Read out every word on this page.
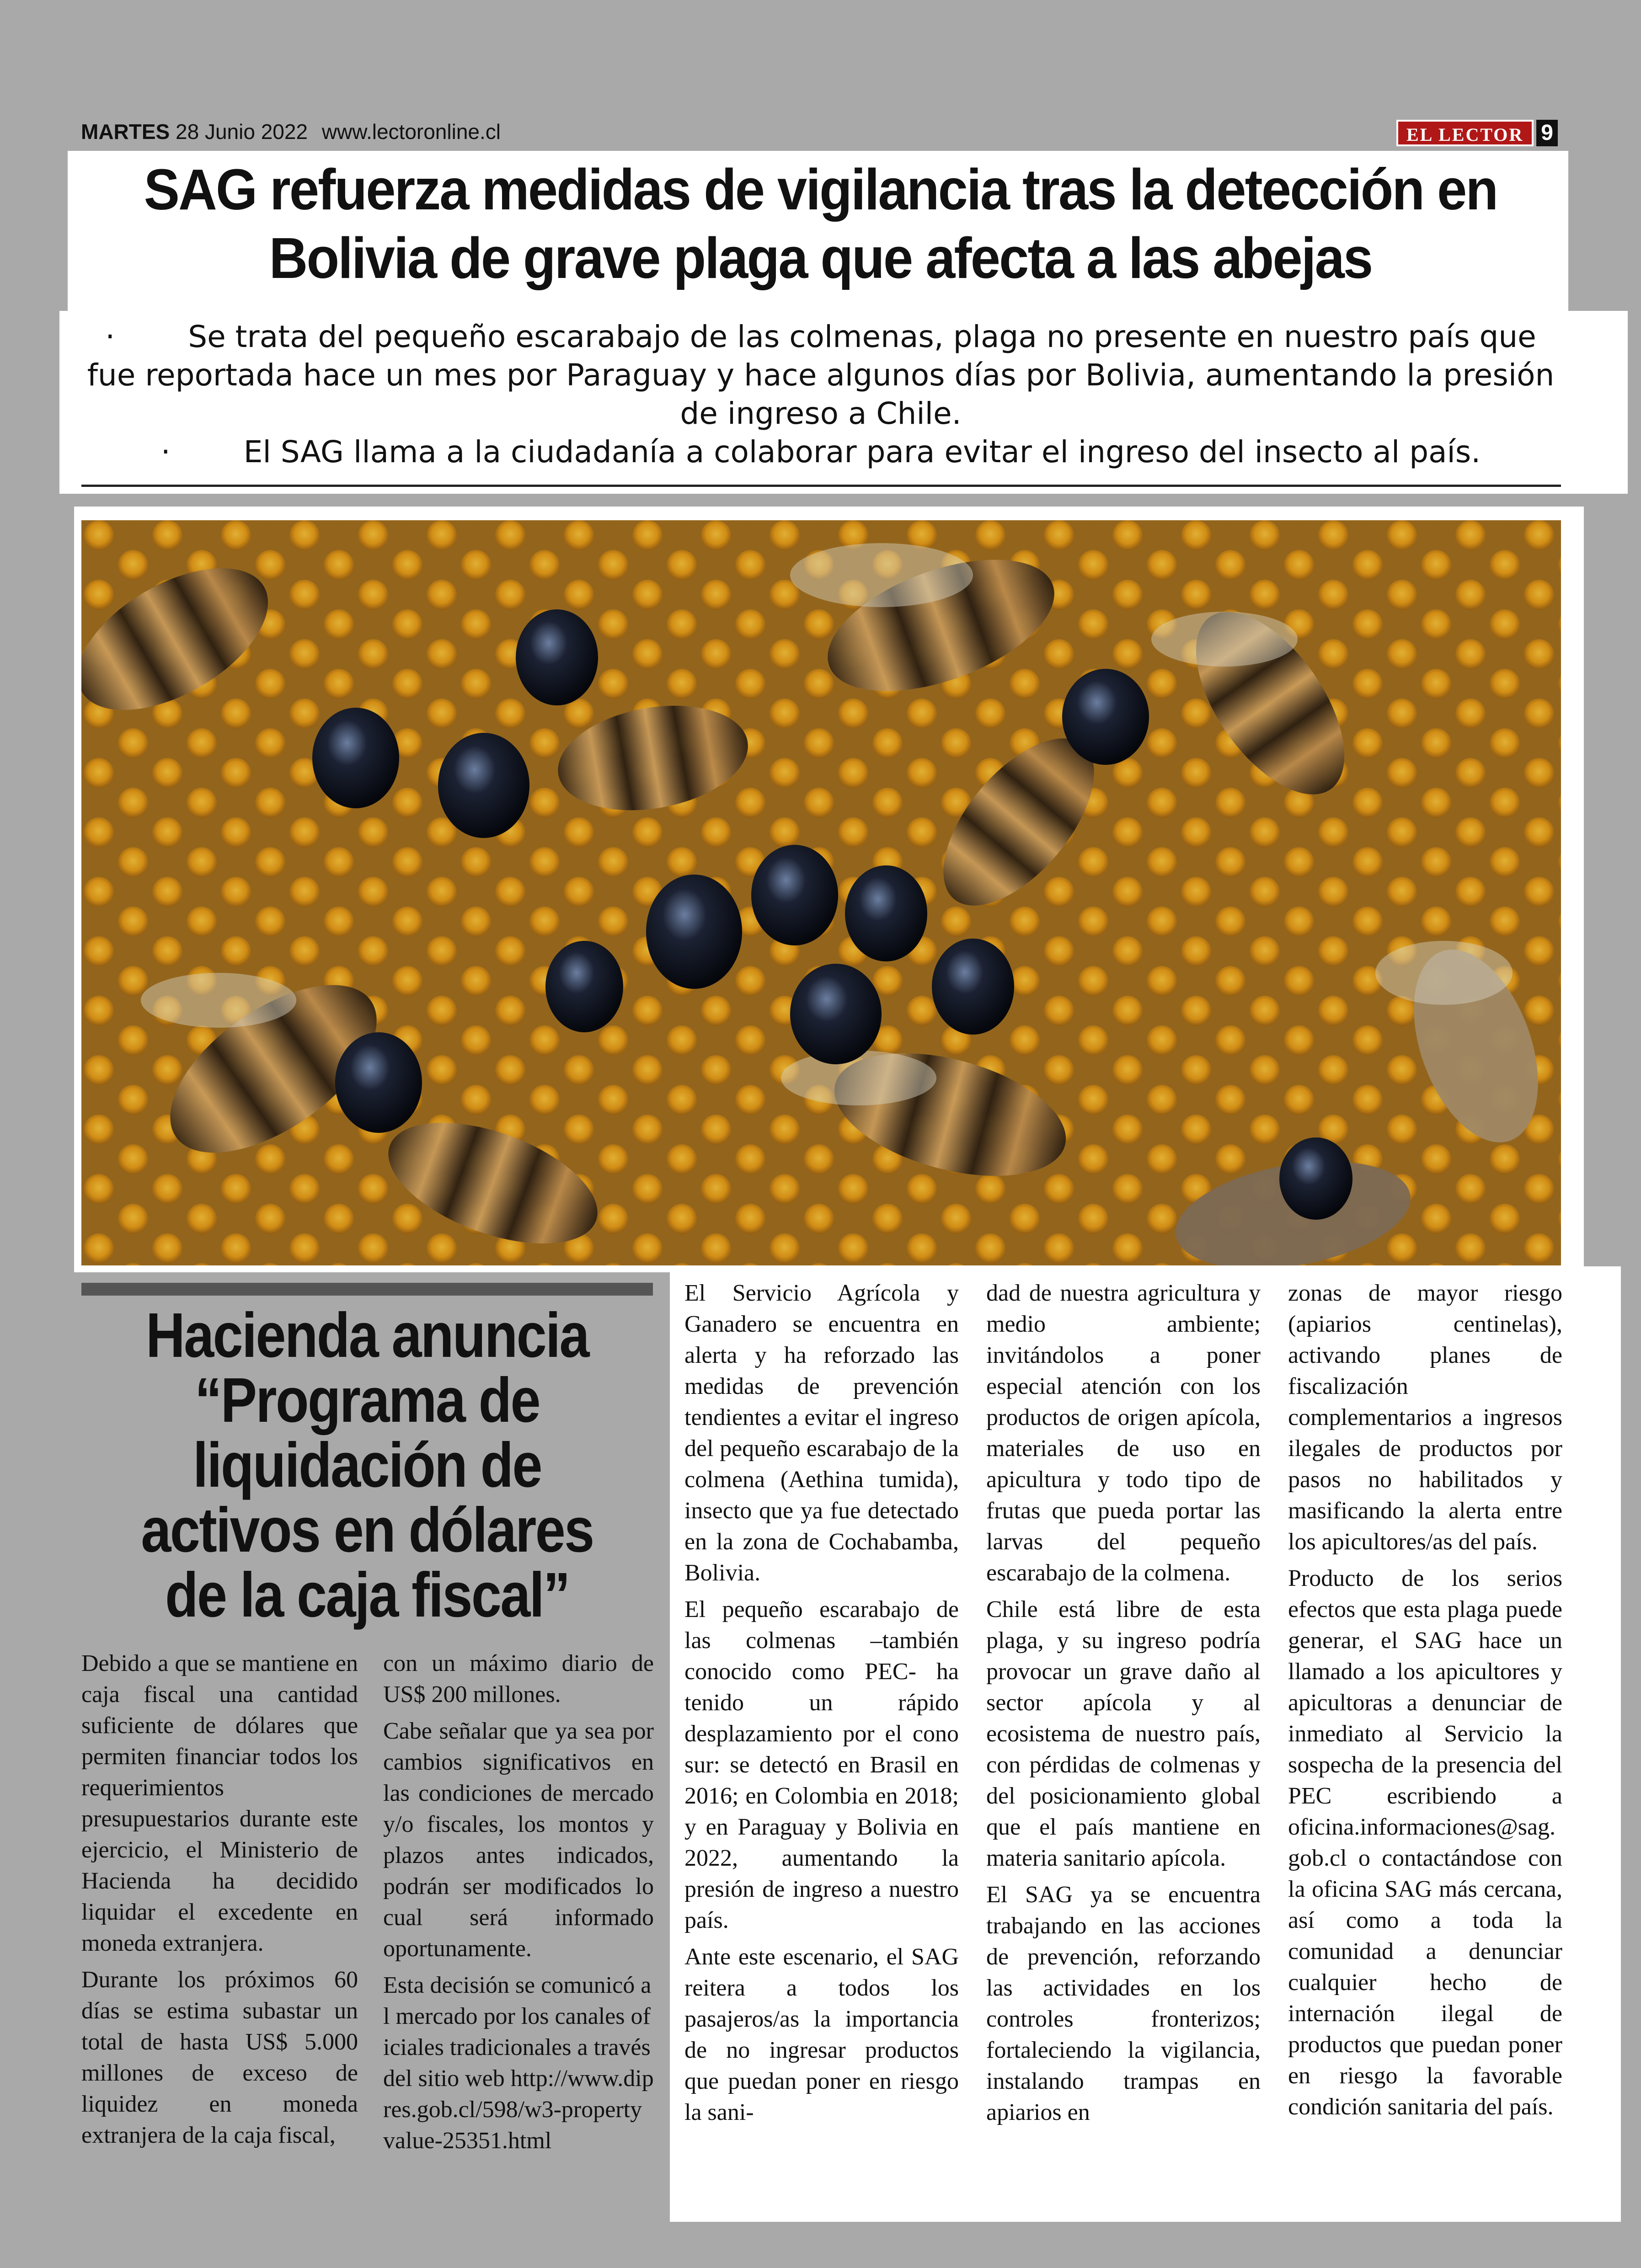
MARTES 28 Junio 2022 www.lectoronline.cl	EL LECTOR 9
SAG refuerza medidas de vigilancia tras la detección en Bolivia de grave plaga que afecta a las abejas

· Se trata del pequeño escarabajo de las colmenas, plaga no presente en nuestro país que fue reportada hace un mes por Paraguay y hace algunos días por Bolivia, aumentando la presión de ingreso a Chile.

· El SAG llama a la ciudadanía a colaborar para evitar el ingreso del insecto al país.

Hacienda anuncia “Programa de liquidación de activos en dólares de la caja fiscal”

Debido a que se mantiene en caja fiscal una cantidad suficiente de dólares que permiten financiar todos los requerimientos presupuestarios durante este ejercicio, el Ministerio de Hacienda ha decidido liquidar el excedente en moneda extranjera.

Durante los próximos 60 días se estima subastar un total de hasta US$ 5.000 millones de exceso de liquidez en moneda extranjera de la caja fiscal,

con un máximo diario de US$ 200 millones.

Cabe señalar que ya sea por cambios significativos en las condiciones de mercado y/o fiscales, los montos y plazos antes indicados, podrán ser modificados lo cual será informado oportunamente.

Esta decisión se comunicó al mercado por los canales oficiales tradicionales a través del sitio web http://www.dipres.gob.cl/598/w3-propertyvalue-25351.html

El Servicio Agrícola y Ganadero se encuentra en alerta y ha reforzado las medidas de prevención tendientes a evitar el ingreso del pequeño escarabajo de la colmena (Aethina tumida), insecto que ya fue detectado en la zona de Cochabamba, Bolivia.

El pequeño escarabajo de las colmenas –también conocido como PEC- ha tenido un rápido desplazamiento por el cono sur: se detectó en Brasil en 2016; en Colombia en 2018; y en Paraguay y Bolivia en 2022, aumentando la presión de ingreso a nuestro país.

Ante este escenario, el SAG reitera a todos los pasajeros/as la importancia de no ingresar productos que puedan poner en riesgo la sani-

dad de nuestra agricultura y medio ambiente; invitándolos a poner especial atención con los productos de origen apícola, materiales de uso en apicultura y todo tipo de frutas que pueda portar las larvas del pequeño escarabajo de la colmena.

Chile está libre de esta plaga, y su ingreso podría provocar un grave daño al sector apícola y al ecosistema de nuestro país, con pérdidas de colmenas y del posicionamiento global que el país mantiene en materia sanitario apícola.

El SAG ya se encuentra trabajando en las acciones de prevención, reforzando las actividades en los controles fronterizos; fortaleciendo la vigilancia, instalando trampas en apiarios en

zonas de mayor riesgo (apiarios centinelas), activando planes de fiscalización complementarios a ingresos ilegales de productos por pasos no habilitados y masificando la alerta entre los apicultores/as del país.

Producto de los serios efectos que esta plaga puede generar, el SAG hace un llamado a los apicultores y apicultoras a denunciar de inmediato al Servicio la sospecha de la presencia del PEC escribiendo a oficina.informaciones@sag.gob.cl o contactándose con la oficina SAG más cercana, así como a toda la comunidad a denunciar cualquier hecho de internación ilegal de productos que puedan poner en riesgo la favorable condición sanitaria del país.
